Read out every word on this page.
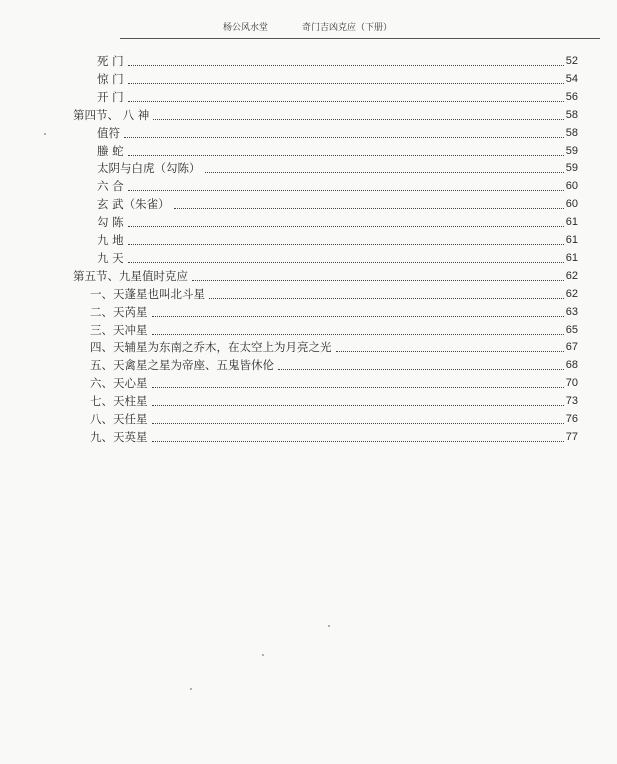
杨公风水堂	奇门吉凶克应（下册）
死 门	52
惊 门	54
开 门	56
第四节、 八 神	58
值符	58
螣 蛇	59
太阴与白虎（勾陈）	59
六 合	60
玄 武（朱雀）	60
勾 陈	61
九 地	61
九 天	61
第五节、九星值时克应	62
一、天蓬星也叫北斗星	62
二、天芮星	63
三、天冲星	65
四、天辅星为东南之乔木，在太空上为月亮之光	67
五、天禽星之星为帝座、五鬼皆休伦	68
六、天心星	70
七、天柱星	73
八、天任星	76
九、天英星	77
